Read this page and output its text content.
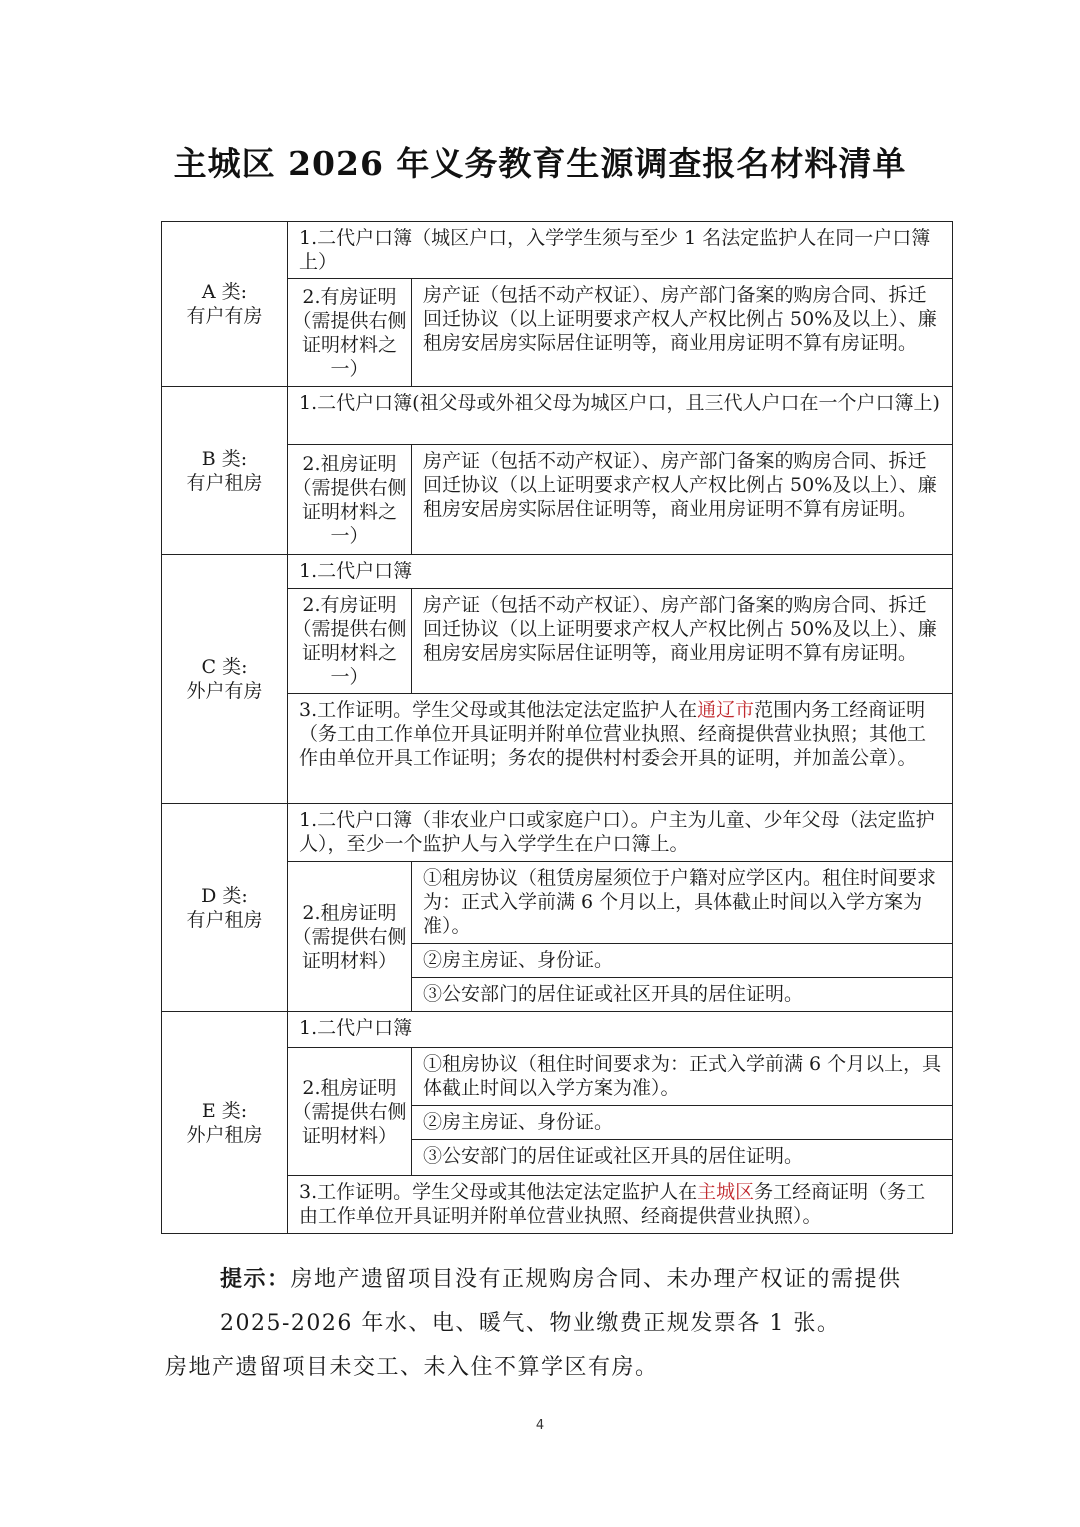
主城区 2026 年义务教育生源调查报名材料清单
A 类:
有户有房	1.二代户口簿（城区户口，入学学生须与至少 1 名法定监护人在同一户口簿上）	
	2.有房证明（需提供右侧证明材料之一）	房产证（包括不动产权证）、房产部门备案的购房合同、拆迁回迁协议（以上证明要求产权人产权比例占 50%及以上）、廉租房安居房实际居住证明等，商业用房证明不算有房证明。

B 类:
有户租房	1.二代户口簿(祖父母或外祖父母为城区户口，且三代人户口在一个户口簿上)	
	2.祖房证明（需提供右侧证明材料之一）	房产证（包括不动产权证）、房产部门备案的购房合同、拆迁回迁协议（以上证明要求产权人产权比例占 50%及以上）、廉租房安居房实际居住证明等，商业用房证明不算有房证明。

C 类:
外户有房	1.二代户口簿	
	2.有房证明（需提供右侧证明材料之一）	房产证（包括不动产权证）、房产部门备案的购房合同、拆迁回迁协议（以上证明要求产权人产权比例占 50%及以上）、廉租房安居房实际居住证明等，商业用房证明不算有房证明。
	3.工作证明。学生父母或其他法定法定监护人在通辽市范围内务工经商证明（务工由工作单位开具证明并附单位营业执照、经商提供营业执照；其他工作由单位开具工作证明；务农的提供村村委会开具的证明，并加盖公章）。	

D 类:
有户租房	1.二代户口簿（非农业户口或家庭户口）。户主为儿童、少年父母（法定监护人），至少一个监护人与入学学生在户口簿上。	
	2.租房证明（需提供右侧证明材料）	①租房协议（租赁房屋须位于户籍对应学区内。租住时间要求为：正式入学前满 6 个月以上，具体截止时间以入学方案为准）。
		②房主房证、身份证。
		③公安部门的居住证或社区开具的居住证明。

E 类:
外户租房	1.二代户口簿	
	2.租房证明（需提供右侧证明材料）	①租房协议（租住时间要求为：正式入学前满 6 个月以上，具体截止时间以入学方案为准）。
		②房主房证、身份证。
		③公安部门的居住证或社区开具的居住证明。
	3.工作证明。学生父母或其他法定法定监护人在主城区务工经商证明（务工由工作单位开具证明并附单位营业执照、经商提供营业执照）。	
提示：房地产遗留项目没有正规购房合同、未办理产权证的需提供 2025-2026 年水、电、暖气、物业缴费正规发票各 1 张。
房地产遗留项目未交工、未入住不算学区有房。
4
